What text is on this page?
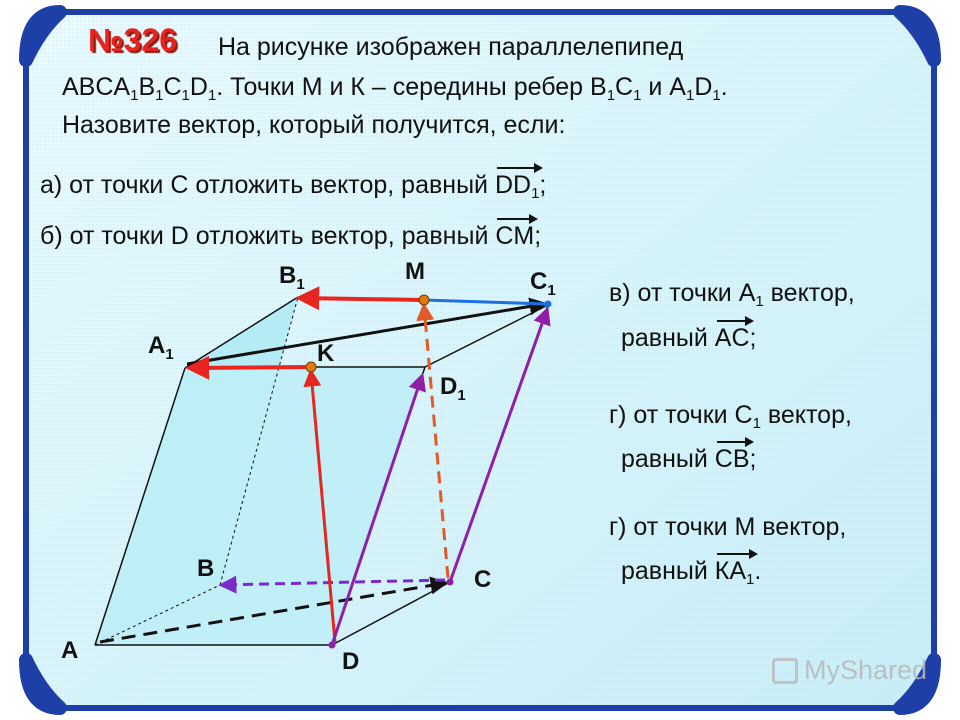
№326 На рисунке изображен параллелепипед
$ABCA_1B_1C_1D_1$. Точки М и К – середины ребер $В_1С_1$ и $А_1D_1$.
Назовите вектор, который получится, если:
а) от точки С отложить вектор, равный $DD_1$;
б) от точки D отложить вектор, равный CM;
в) от точки $А_1$ вектор,
равный AC;
г) от точки $С_1$ вектор,
равный CB;
г) от точки М вектор,
равный $КА_1$.
$B_1$	M	$C_1$
$A_1$	K
$D_1$
B	C
A	D	MyShared
